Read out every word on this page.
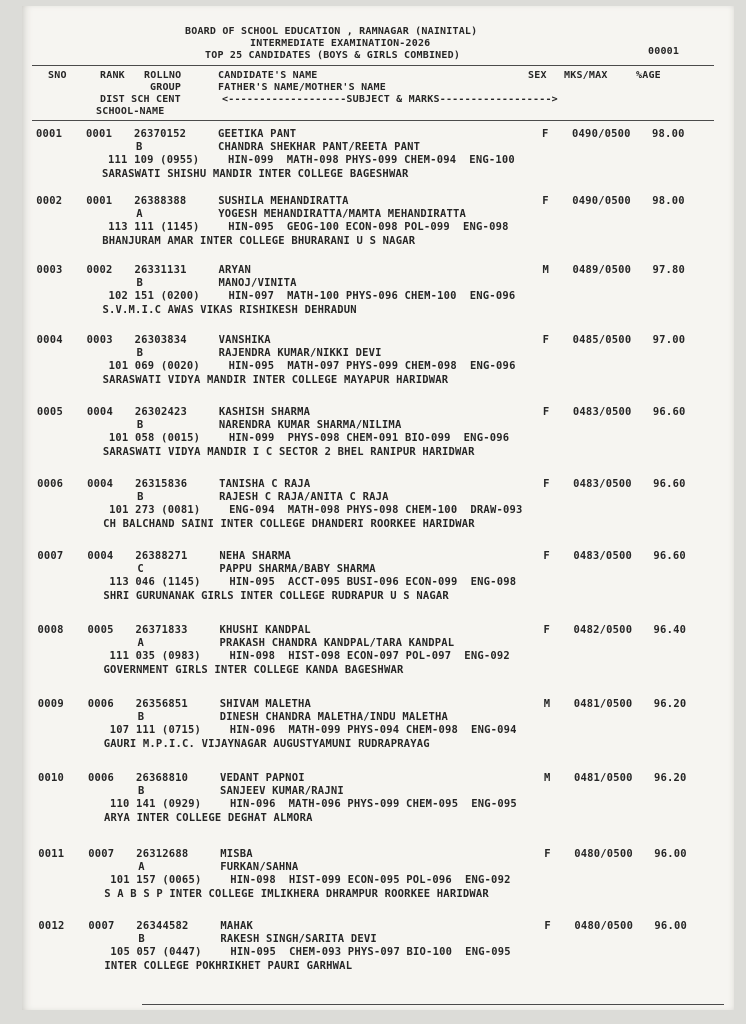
BOARD OF SCHOOL EDUCATION , RAMNAGAR (NAINITAL)
INTERMEDIATE EXAMINATION-2026
TOP 25 CANDIDATES (BOYS & GIRLS COMBINED)	00001
SNO	RANK ROLLNO	CANDIDATE'S NAME	SEX MKS/MAX	%AGE
GROUP	FATHER'S NAME/MOTHER'S NAME
DIST SCH CENT	<-------------------SUBJECT & MARKS------------------>
SCHOOL-NAME
0001 0001 26370152	GEETIKA PANT	F 0490/0500 98.00
B	CHANDRA SHEKHAR PANT/REETA PANT
111 109 (0955)	HIN-099  MATH-098 PHYS-099 CHEM-094  ENG-100
SARASWATI SHISHU MANDIR INTER COLLEGE BAGESHWAR
0002 0001 26388388	SUSHILA MEHANDIRATTA	F 0490/0500 98.00
A	YOGESH MEHANDIRATTA/MAMTA MEHANDIRATTA
113 111 (1145)	HIN-095  GEOG-100 ECON-098 POL-099  ENG-098
BHANJURAM AMAR INTER COLLEGE BHURARANI U S NAGAR
0003 0002 26331131	ARYAN	M 0489/0500 97.80
B	MANOJ/VINITA
102 151 (0200)	HIN-097  MATH-100 PHYS-096 CHEM-100  ENG-096
S.V.M.I.C AWAS VIKAS RISHIKESH DEHRADUN
0004 0003 26303834	VANSHIKA	F 0485/0500 97.00
B	RAJENDRA KUMAR/NIKKI DEVI
101 069 (0020)	HIN-095  MATH-097 PHYS-099 CHEM-098  ENG-096
SARASWATI VIDYA MANDIR INTER COLLEGE MAYAPUR HARIDWAR
0005 0004 26302423	KASHISH SHARMA	F 0483/0500 96.60
B	NARENDRA KUMAR SHARMA/NILIMA
101 058 (0015)	HIN-099  PHYS-098 CHEM-091 BIO-099  ENG-096
SARASWATI VIDYA MANDIR I C SECTOR 2 BHEL RANIPUR HARIDWAR
0006 0004 26315836	TANISHA C RAJA	F 0483/0500 96.60
B	RAJESH C RAJA/ANITA C RAJA
101 273 (0081)	ENG-094  MATH-098 PHYS-098 CHEM-100  DRAW-093
CH BALCHAND SAINI INTER COLLEGE DHANDERI ROORKEE HARIDWAR
0007 0004 26388271	NEHA SHARMA	F 0483/0500 96.60
C	PAPPU SHARMA/BABY SHARMA
113 046 (1145)	HIN-095  ACCT-095 BUSI-096 ECON-099  ENG-098
SHRI GURUNANAK GIRLS INTER COLLEGE RUDRAPUR U S NAGAR
0008 0005 26371833	KHUSHI KANDPAL	F 0482/0500 96.40
A	PRAKASH CHANDRA KANDPAL/TARA KANDPAL
111 035 (0983)	HIN-098  HIST-098 ECON-097 POL-097  ENG-092
GOVERNMENT GIRLS INTER COLLEGE KANDA BAGESHWAR
0009 0006 26356851	SHIVAM MALETHA	M 0481/0500 96.20
B	DINESH CHANDRA MALETHA/INDU MALETHA
107 111 (0715)	HIN-096  MATH-099 PHYS-094 CHEM-098  ENG-094
GAURI M.P.I.C. VIJAYNAGAR AUGUSTYAMUNI RUDRAPRAYAG
0010 0006 26368810	VEDANT PAPNOI	M 0481/0500 96.20
B	SANJEEV KUMAR/RAJNI
110 141 (0929)	HIN-096  MATH-096 PHYS-099 CHEM-095  ENG-095
ARYA INTER COLLEGE DEGHAT ALMORA
0011 0007 26312688	MISBA	F 0480/0500 96.00
A	FURKAN/SAHNA
101 157 (0065)	HIN-098  HIST-099 ECON-095 POL-096  ENG-092
S A B S P INTER COLLEGE IMLIKHERA DHRAMPUR ROORKEE HARIDWAR
0012 0007 26344582	MAHAK	F 0480/0500 96.00
B	RAKESH SINGH/SARITA DEVI
105 057 (0447)	HIN-095  CHEM-093 PHYS-097 BIO-100  ENG-095
INTER COLLEGE POKHRIKHET PAURI GARHWAL
